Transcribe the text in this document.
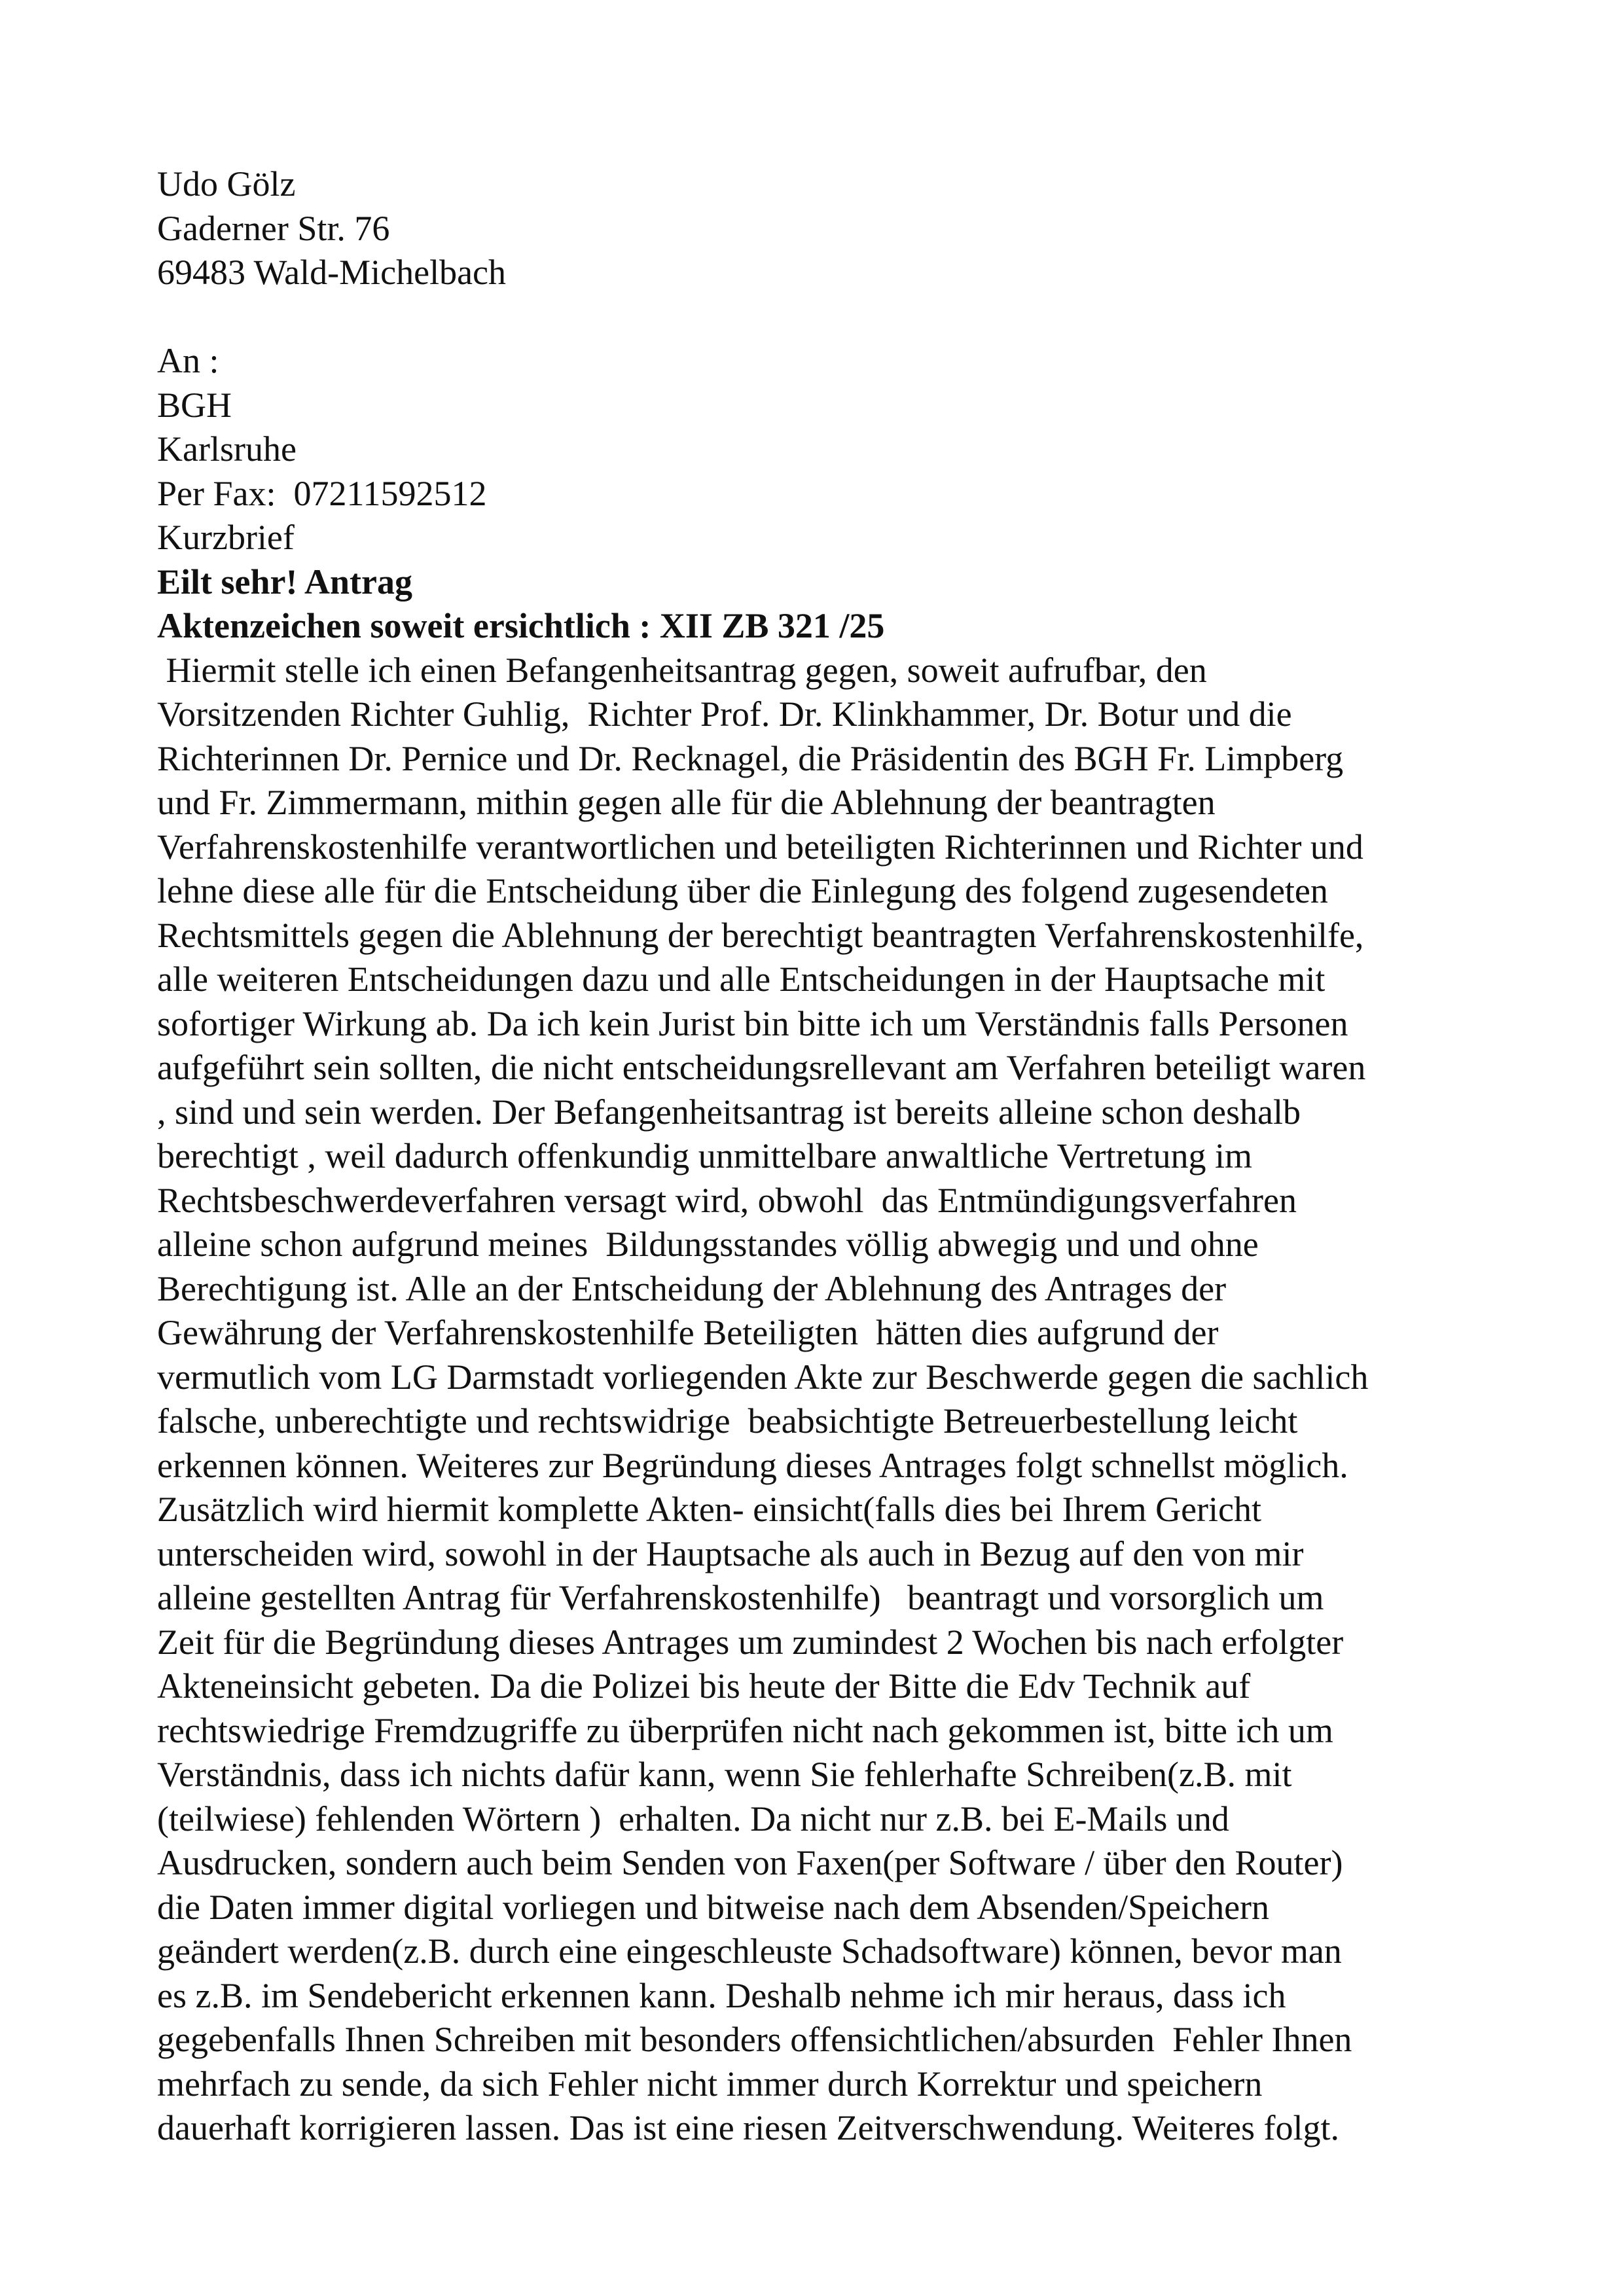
Udo Gölz
Gaderner Str. 76
69483 Wald-Michelbach
An :
BGH
Karlsruhe
Per Fax:  07211592512
Kurzbrief
Eilt sehr! Antrag
Aktenzeichen soweit ersichtlich : XII ZB 321 /25
Hiermit stelle ich einen Befangenheitsantrag gegen, soweit aufrufbar, den
Vorsitzenden Richter Guhlig,  Richter Prof. Dr. Klinkhammer, Dr. Botur und die
Richterinnen Dr. Pernice und Dr. Recknagel, die Präsidentin des BGH Fr. Limpberg
und Fr. Zimmermann, mithin gegen alle für die Ablehnung der beantragten
Verfahrenskostenhilfe verantwortlichen und beteiligten Richterinnen und Richter und
lehne diese alle für die Entscheidung über die Einlegung des folgend zugesendeten
Rechtsmittels gegen die Ablehnung der berechtigt beantragten Verfahrenskostenhilfe,
alle weiteren Entscheidungen dazu und alle Entscheidungen in der Hauptsache mit
sofortiger Wirkung ab. Da ich kein Jurist bin bitte ich um Verständnis falls Personen
aufgeführt sein sollten, die nicht entscheidungsrellevant am Verfahren beteiligt waren
, sind und sein werden. Der Befangenheitsantrag ist bereits alleine schon deshalb
berechtigt , weil dadurch offenkundig unmittelbare anwaltliche Vertretung im
Rechtsbeschwerdeverfahren versagt wird, obwohl  das Entmündigungsverfahren
alleine schon aufgrund meines  Bildungsstandes völlig abwegig und und ohne
Berechtigung ist. Alle an der Entscheidung der Ablehnung des Antrages der
Gewährung der Verfahrenskostenhilfe Beteiligten  hätten dies aufgrund der
vermutlich vom LG Darmstadt vorliegenden Akte zur Beschwerde gegen die sachlich
falsche, unberechtigte und rechtswidrige  beabsichtigte Betreuerbestellung leicht
erkennen können. Weiteres zur Begründung dieses Antrages folgt schnellst möglich.
Zusätzlich wird hiermit komplette Akten- einsicht(falls dies bei Ihrem Gericht
unterscheiden wird, sowohl in der Hauptsache als auch in Bezug auf den von mir
alleine gestellten Antrag für Verfahrenskostenhilfe)   beantragt und vorsorglich um
Zeit für die Begründung dieses Antrages um zumindest 2 Wochen bis nach erfolgter
Akteneinsicht gebeten. Da die Polizei bis heute der Bitte die Edv Technik auf
rechtswiedrige Fremdzugriffe zu überprüfen nicht nach gekommen ist, bitte ich um
Verständnis, dass ich nichts dafür kann, wenn Sie fehlerhafte Schreiben(z.B. mit
(teilwiese) fehlenden Wörtern )  erhalten. Da nicht nur z.B. bei E-Mails und
Ausdrucken, sondern auch beim Senden von Faxen(per Software / über den Router)
die Daten immer digital vorliegen und bitweise nach dem Absenden/Speichern
geändert werden(z.B. durch eine eingeschleuste Schadsoftware) können, bevor man
es z.B. im Sendebericht erkennen kann. Deshalb nehme ich mir heraus, dass ich
gegebenfalls Ihnen Schreiben mit besonders offensichtlichen/absurden  Fehler Ihnen
mehrfach zu sende, da sich Fehler nicht immer durch Korrektur und speichern
dauerhaft korrigieren lassen. Das ist eine riesen Zeitverschwendung. Weiteres folgt.
